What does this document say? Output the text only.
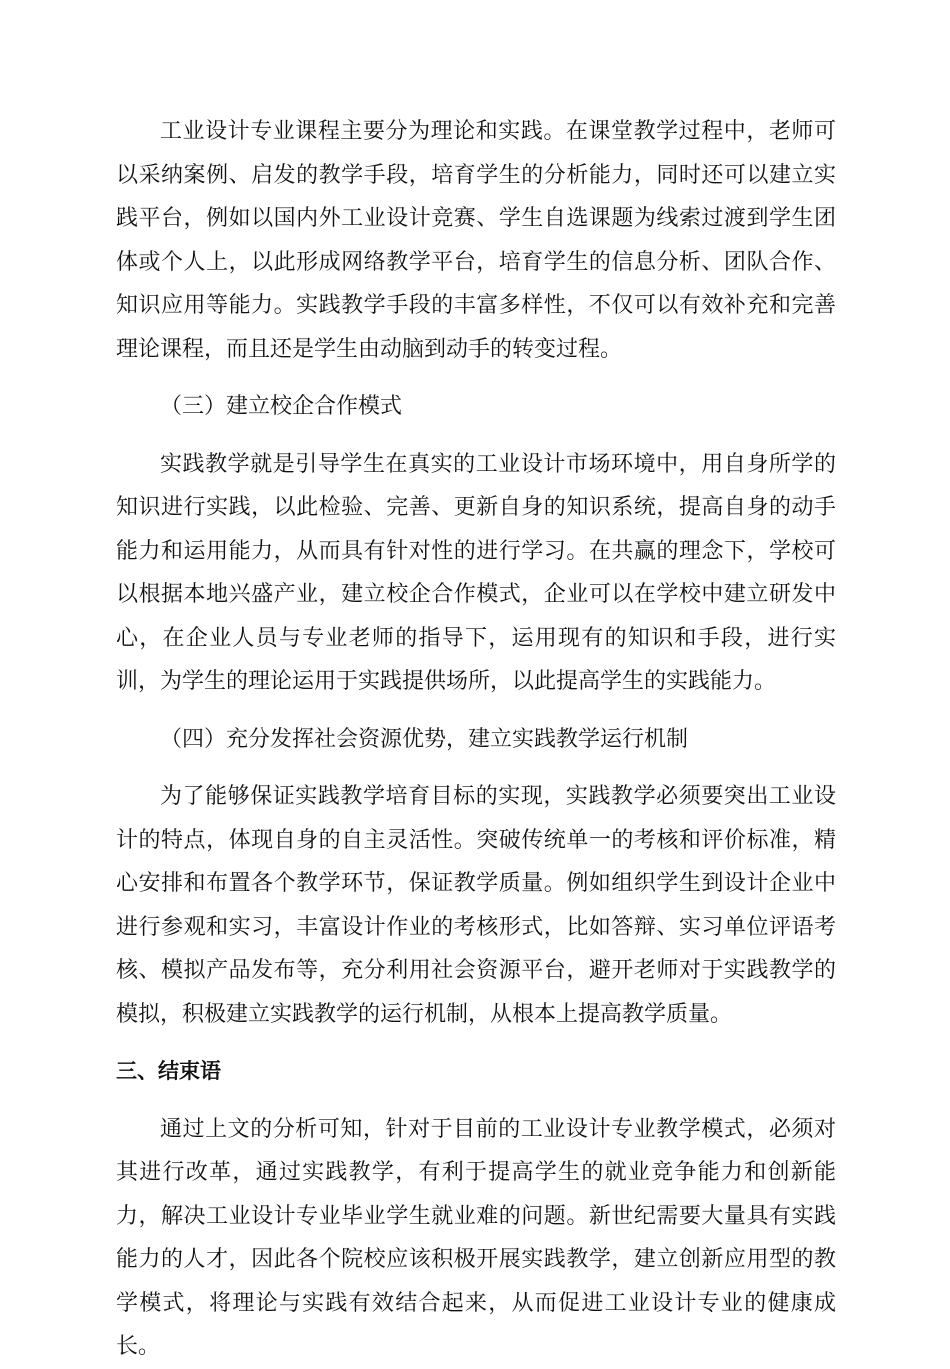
工业设计专业课程主要分为理论和实践。在课堂教学过程中，老师可以采纳案例、启发的教学手段，培育学生的分析能力，同时还可以建立实践平台，例如以国内外工业设计竞赛、学生自选课题为线索过渡到学生团体或个人上，以此形成网络教学平台，培育学生的信息分析、团队合作、知识应用等能力。实践教学手段的丰富多样性，不仅可以有效补充和完善理论课程，而且还是学生由动脑到动手的转变过程。

（三）建立校企合作模式

实践教学就是引导学生在真实的工业设计市场环境中，用自身所学的知识进行实践，以此检验、完善、更新自身的知识系统，提高自身的动手能力和运用能力，从而具有针对性的进行学习。在共赢的理念下，学校可以根据本地兴盛产业，建立校企合作模式，企业可以在学校中建立研发中心，在企业人员与专业老师的指导下，运用现有的知识和手段，进行实训，为学生的理论运用于实践提供场所，以此提高学生的实践能力。

（四）充分发挥社会资源优势，建立实践教学运行机制

为了能够保证实践教学培育目标的实现，实践教学必须要突出工业设计的特点，体现自身的自主灵活性。突破传统单一的考核和评价标准，精心安排和布置各个教学环节，保证教学质量。例如组织学生到设计企业中进行参观和实习，丰富设计作业的考核形式，比如答辩、实习单位评语考核、模拟产品发布等，充分利用社会资源平台，避开老师对于实践教学的模拟，积极建立实践教学的运行机制，从根本上提高教学质量。

三、结束语

通过上文的分析可知，针对于目前的工业设计专业教学模式，必须对其进行改革，通过实践教学，有利于提高学生的就业竞争能力和创新能力，解决工业设计专业毕业学生就业难的问题。新世纪需要大量具有实践能力的人才，因此各个院校应该积极开展实践教学，建立创新应用型的教学模式，将理论与实践有效结合起来，从而促进工业设计专业的健康成长。
